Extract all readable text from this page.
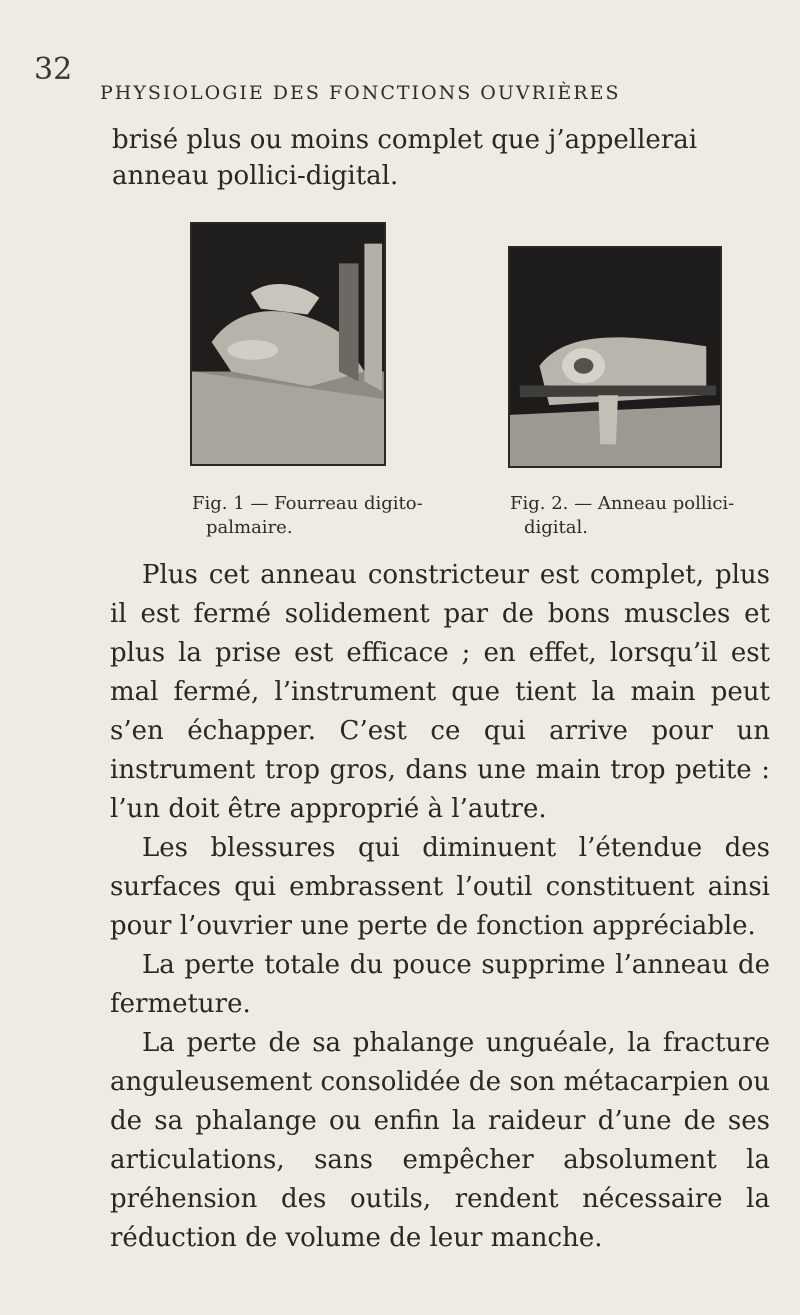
32
PHYSIOLOGIE DES FONCTIONS OUVRIÈRES

brisé plus ou moins complet que j’appellerai

anneau pollici-digital.

Fig. 1 — Fourreau digito-
palmaire.
Fig. 2. — Anneau pollici-
digital.

Plus cet anneau constricteur est complet, plus il est fermé solidement par de bons muscles et plus la prise est efficace ; en effet, lorsqu’il est mal fermé, l’instrument que tient la main peut s’en échapper. C’est ce qui arrive pour un instrument trop gros, dans une main trop petite : l’un doit être approprié à l’autre.

Les blessures qui diminuent l’étendue des surfaces qui embrassent l’outil constituent ainsi pour l’ouvrier une perte de fonction appréciable.

La perte totale du pouce supprime l’anneau de fermeture.

La perte de sa phalange unguéale, la fracture anguleusement consolidée de son métacarpien ou de sa phalange ou enfin la raideur d’une de ses articulations, sans empêcher absolument la préhension des outils, rendent nécessaire la réduction de volume de leur manche.
